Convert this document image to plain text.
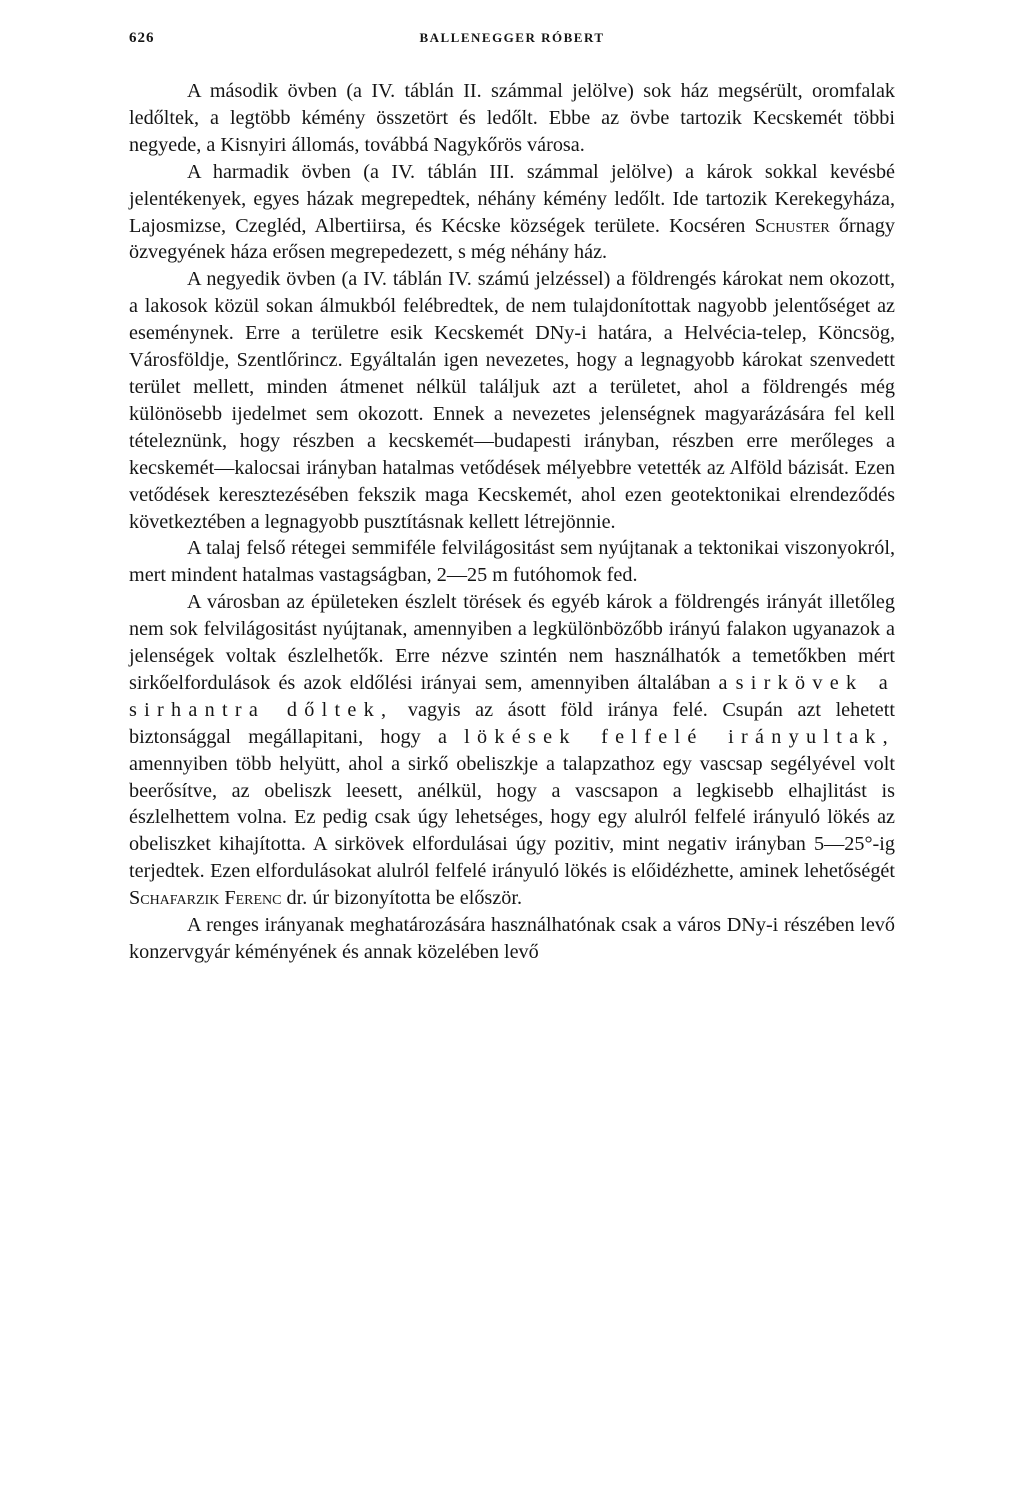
626	BALLENEGGER RÓBERT

A második övben (a IV. táblán II. számmal jelölve) sok ház megsérült, oromfalak ledőltek, a legtöbb kémény összetört és ledőlt. Ebbe az övbe tartozik Kecskemét többi negyede, a Kisnyiri állomás, továbbá Nagykőrös városa.

A harmadik övben (a IV. táblán III. számmal jelölve) a károk sokkal kevésbé jelentékenyek, egyes házak megrepedtek, néhány kémény ledőlt. Ide tartozik Kerekegyháza, Lajosmizse, Czegléd, Albertiirsa, és Kécske községek területe. Kocséren Schuster őrnagy özvegyének háza erősen megrepedezett, s még néhány ház.

A negyedik övben (a IV. táblán IV. számú jelzéssel) a földrengés károkat nem okozott, a lakosok közül sokan álmukból felébredtek, de nem tulajdonítottak nagyobb jelentőséget az eseménynek. Erre a területre esik Kecskemét DNy-i határa, a Helvécia-telep, Köncsög, Városföldje, Szentlőrincz. Egyáltalán igen nevezetes, hogy a legnagyobb károkat szenvedett terület mellett, minden átmenet nélkül találjuk azt a területet, ahol a földrengés még különösebb ijedelmet sem okozott. Ennek a nevezetes jelenségnek magyarázására fel kell tételeznünk, hogy részben a kecskemét—budapesti irányban, részben erre merőleges a kecskemét—kalocsai irányban hatalmas vetődések mélyebbre vetették az Alföld bázisát. Ezen vetődések keresztezésében fekszik maga Kecskemét, ahol ezen geotektonikai elrendeződés következtében a legnagyobb pusztításnak kellett létrejönnie.

A talaj felső rétegei semmiféle felvilágositást sem nyújtanak a tektonikai viszonyokról, mert mindent hatalmas vastagságban, 2—25 m futóhomok fed.

A városban az épületeken észlelt törések és egyéb károk a földrengés irányát illetőleg nem sok felvilágositást nyújtanak, amennyiben a legkülönbözőbb irányú falakon ugyanazok a jelenségek voltak észlelhetők. Erre nézve szintén nem használhatók a temetőkben mért sirkőelfordulások és azok eldőlési irányai sem, amennyiben általában a sirkövek a sirhantra dőltek, vagyis az ásott föld iránya felé. Csupán azt lehetett biztonsággal megállapitani, hogy a lökések felfelé irányultak, amennyiben több helyütt, ahol a sirkő obeliszkje a talapzathoz egy vascsap segélyével volt beerősítve, az obeliszk leesett, anélkül, hogy a vascsapon a legkisebb elhajlitást is észlelhettem volna. Ez pedig csak úgy lehetséges, hogy egy alulról felfelé irányuló lökés az obeliszket kihajította. A sirkövek elfordulásai úgy pozitiv, mint negativ irányban 5—25°-ig terjedtek. Ezen elfordulásokat alulról felfelé irányuló lökés is előidézhette, aminek lehetőségét Schafarzik Ferenc dr. úr bizonyította be először.

A renges irányanak meghatározására használhatónak csak a város DNy-i részében levő konzervgyár kéményének és annak közelében levő
